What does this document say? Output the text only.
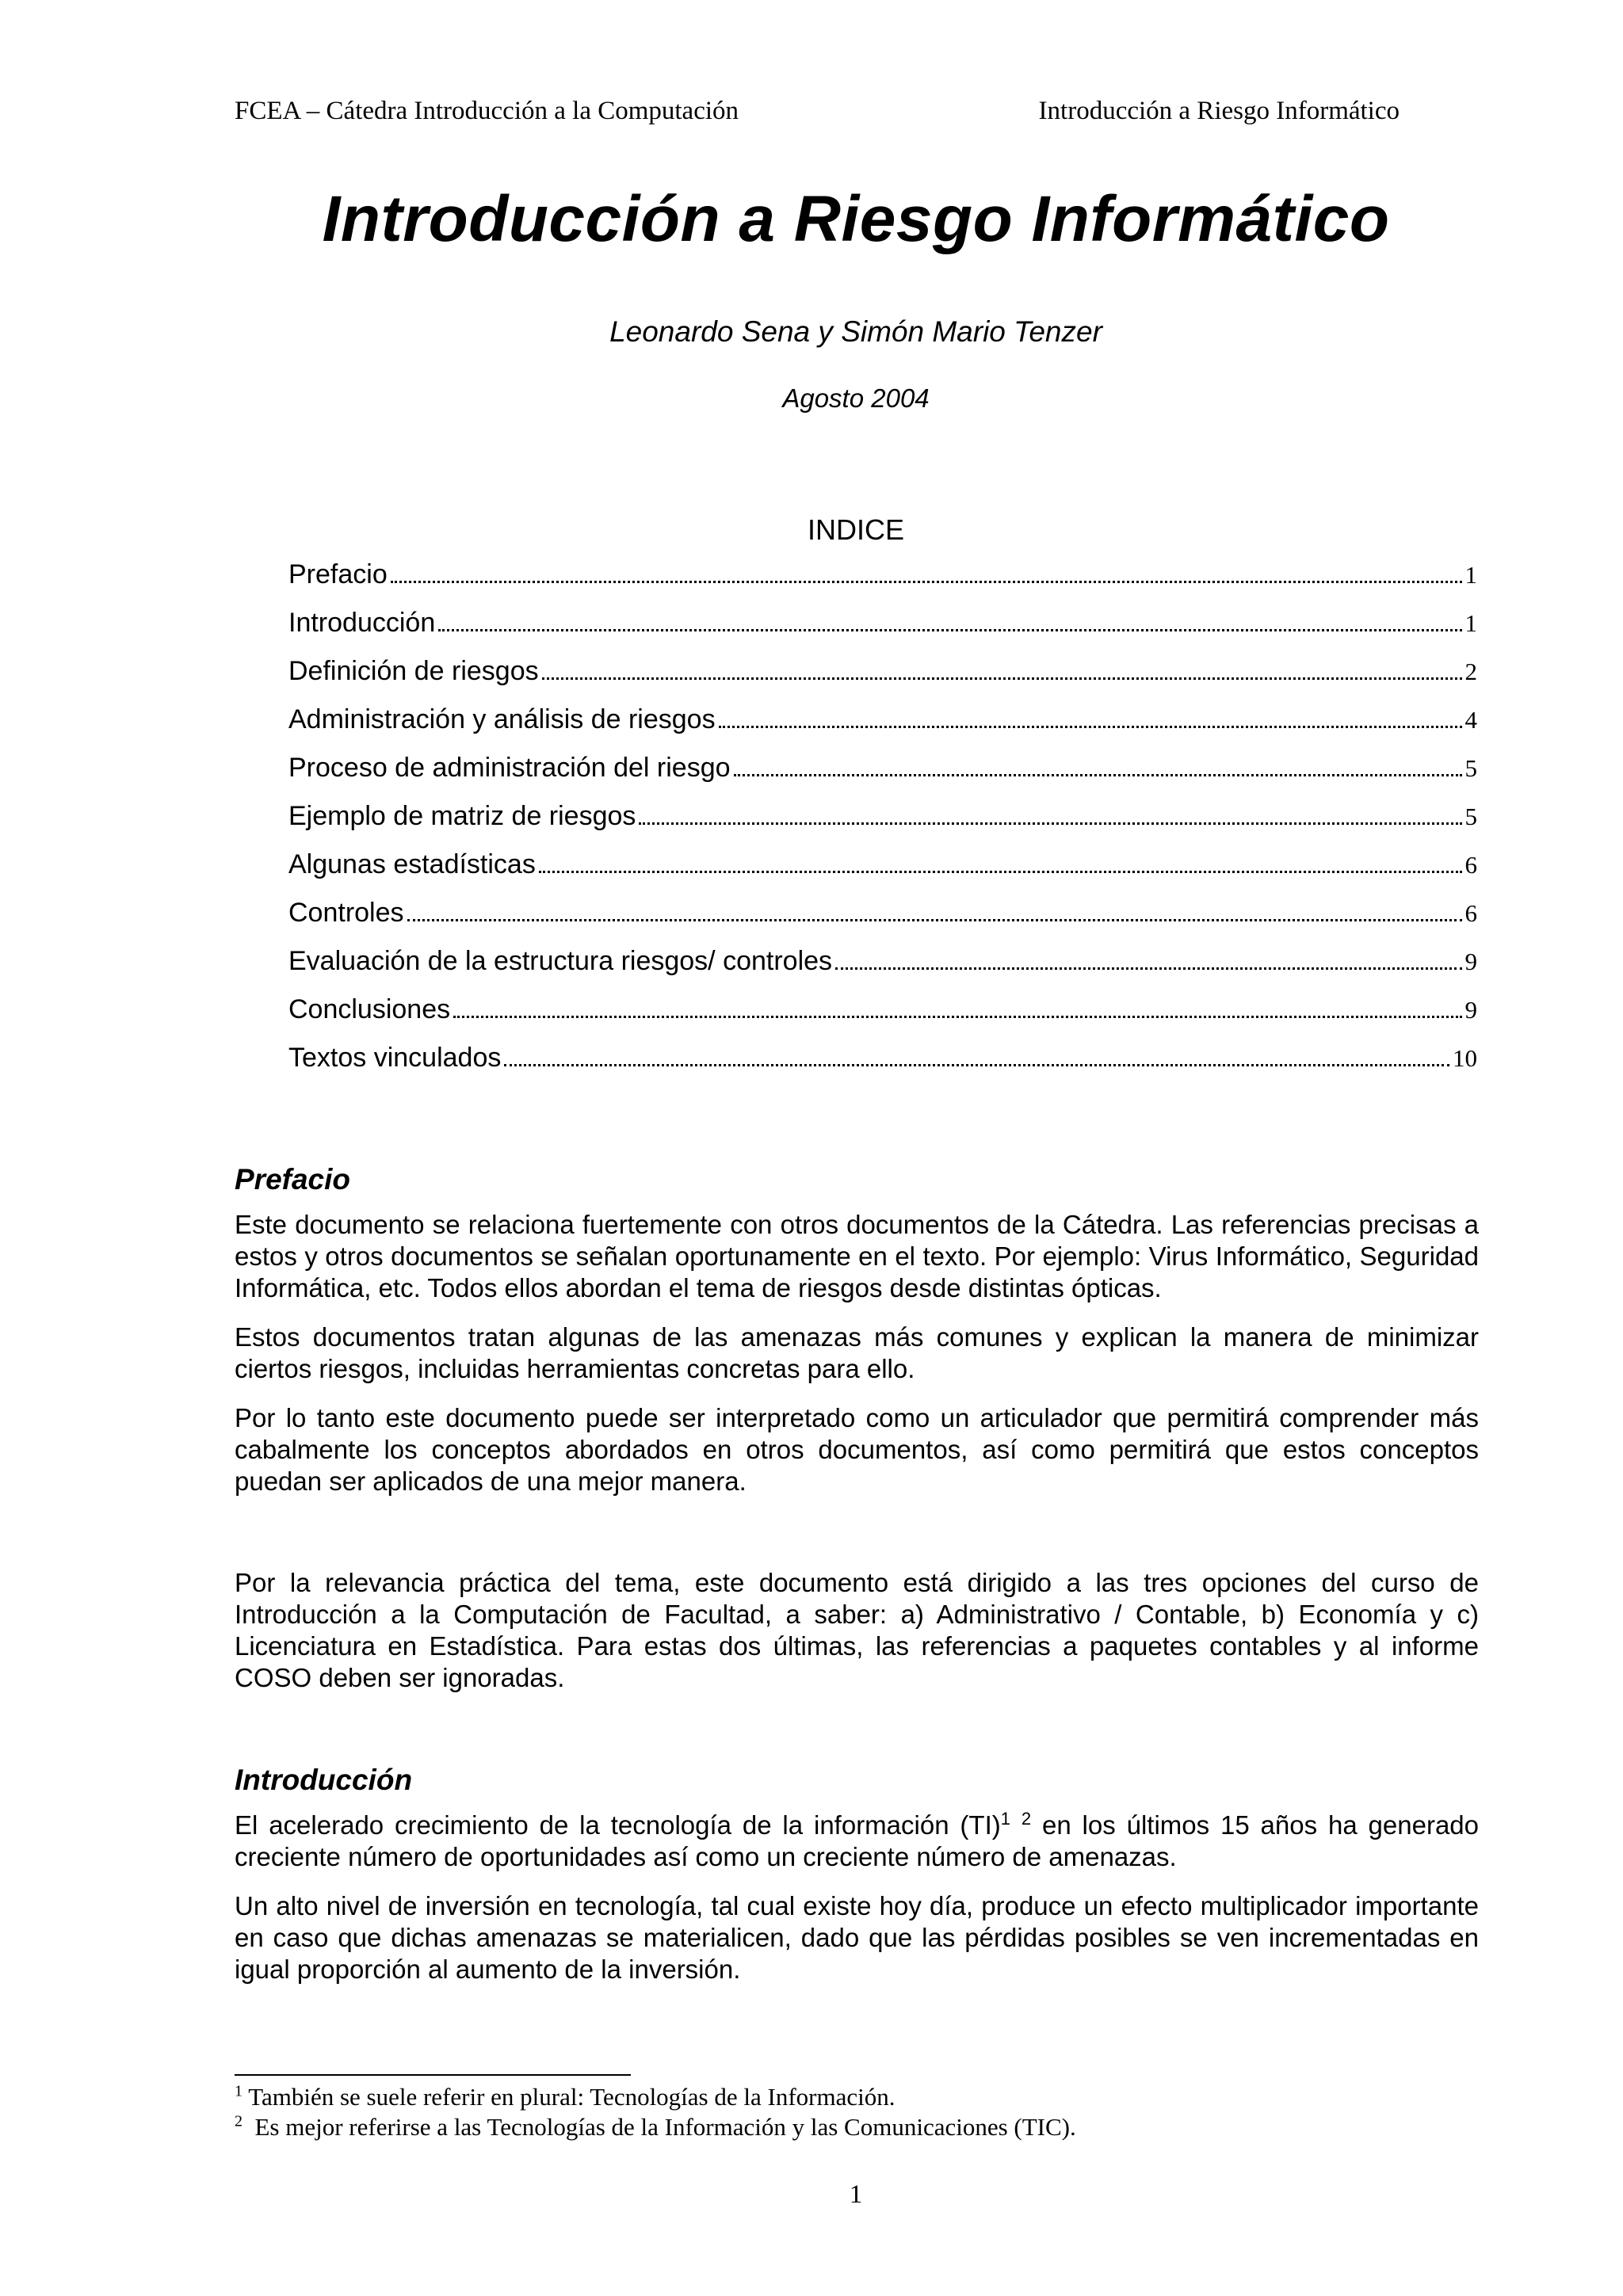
FCEA – Cátedra Introducción a la Computación	Introducción a Riesgo Informático
Introducción a Riesgo Informático
Leonardo Sena y Simón Mario Tenzer
Agosto 2004
INDICE
Prefacio	1
Introducción	1
Definición de riesgos	2
Administración y análisis de riesgos	4
Proceso de administración del riesgo	5
Ejemplo de matriz de riesgos	5
Algunas estadísticas	6
Controles	6
Evaluación de la estructura riesgos/ controles	9
Conclusiones	9
Textos vinculados	10
Prefacio

Este documento se relaciona fuertemente con otros documentos de la Cátedra. Las referencias precisas a estos y otros documentos se señalan oportunamente en el texto. Por ejemplo: Virus Informático, Seguridad Informática, etc. Todos ellos abordan el tema de riesgos desde distintas ópticas.

Estos documentos tratan algunas de las amenazas más comunes y explican la manera de minimizar ciertos riesgos, incluidas herramientas concretas para ello.

Por lo tanto este documento puede ser interpretado como un articulador que permitirá comprender más cabalmente los conceptos abordados en otros documentos, así como permitirá que estos conceptos puedan ser aplicados de una mejor manera.

Por la relevancia práctica del tema, este documento está dirigido a las tres opciones del curso de Introducción a la Computación de Facultad, a saber: a) Administrativo / Contable, b) Economía y c) Licenciatura en Estadística. Para estas dos últimas, las referencias a paquetes contables y al informe COSO deben ser ignoradas.

Introducción

El acelerado crecimiento de la tecnología de la información (TI)$^1$ $^2$ en los últimos 15 años ha generado creciente número de oportunidades así como un creciente número de amenazas.

Un alto nivel de inversión en tecnología, tal cual existe hoy día, produce un efecto multiplicador importante en caso que dichas amenazas se materialicen, dado que las pérdidas posibles se ven incrementadas en igual proporción al aumento de la inversión.

$^1$ También se suele referir en plural: Tecnologías de la Información.
$^2$ Es mejor referirse a las Tecnologías de la Información y las Comunicaciones (TIC).
1
